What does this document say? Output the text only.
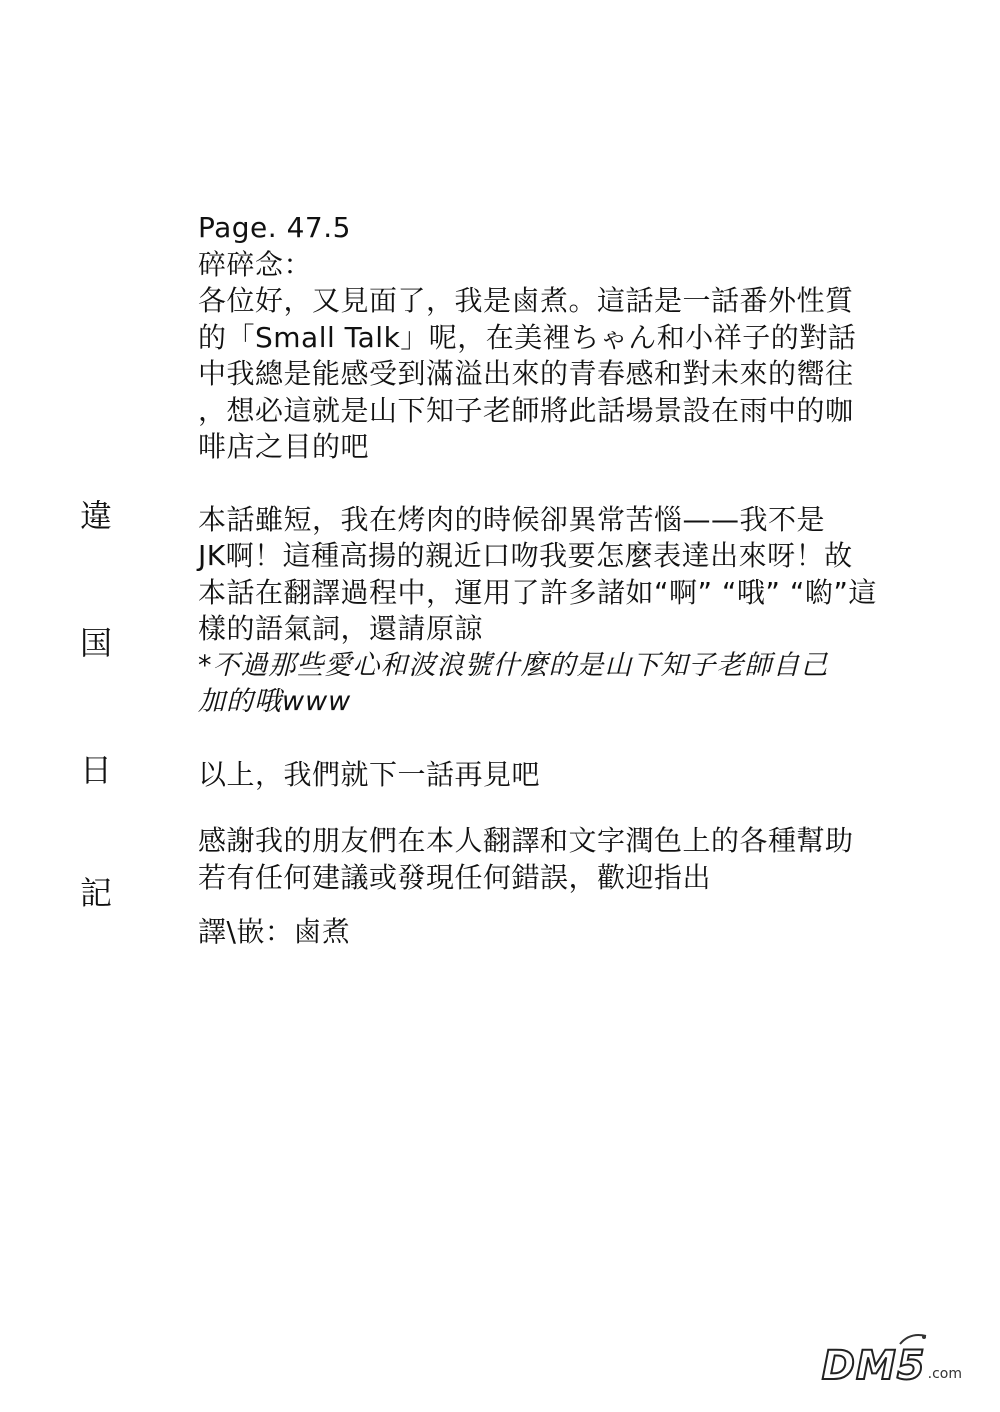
違
国
日
記
Page. 47.5
碎碎念：
各位好，又見面了，我是鹵煮。這話是一話番外性質
的「Small Talk」呢，在美裡ちゃん和小祥子的對話
中我總是能感受到滿溢出來的青春感和對未來的嚮往
，想必這就是山下知子老師將此話場景設在雨中的咖
啡店之目的吧
本話雖短，我在烤肉的時候卻異常苦惱——我不是
JK啊！這種高揚的親近口吻我要怎麼表達出來呀！故
本話在翻譯過程中，運用了許多諸如“啊” “哦” “喲”這
樣的語氣詞，還請原諒
*不過那些愛心和波浪號什麼的是山下知子老師自己
加的哦www
以上，我們就下一話再見吧
感謝我的朋友們在本人翻譯和文字潤色上的各種幫助
若有任何建議或發現任何錯誤，歡迎指出
譯\嵌：鹵煮
DM5 .com
